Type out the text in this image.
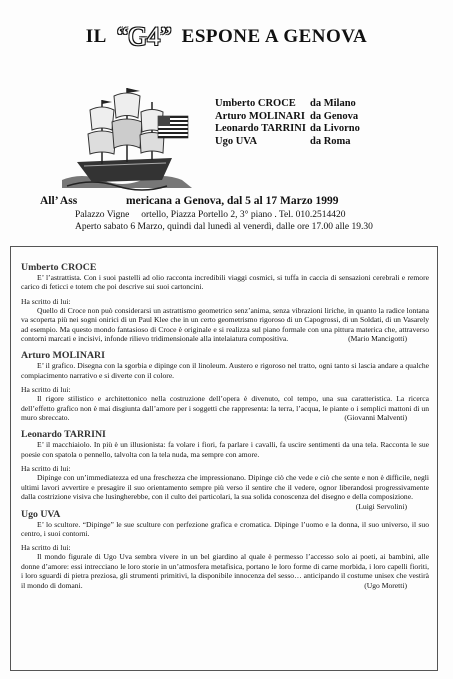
IL “G4” ESPONE A GENOVA
Umberto CROCE	da Milano
Arturo MOLINARI da Genova
Leonardo TARRINI da Livorno
Ugo UVA	da Roma
All’ Ass                 mericana a Genova, dal 5 al 17 Marzo 1999
Palazzo Vigne     ortello, Piazza Portello 2, 3° piano . Tel. 010.2514420
Aperto sabato 6 Marzo, quindi dal lunedì al venerdì, dalle ore 17.00 alle 19.30
Umberto CROCE
E’ l’astrattista. Con i suoi pastelli ad olio racconta incredibili viaggi cosmici, si tuffa in caccia di sensazioni cerebrali e remore carico di feticci e totem che poi descrive sui suoi cartoncini.
Ha scritto di lui:
Quello di Croce non può considerarsi un astrattismo geometrico senz’anima, senza vibrazioni liriche, in quanto la radice lontana va scoperta più nei sogni onirici di un Paul Klee che in un certo geometrismo rigoroso di un Capogrossi, di un Soldati, di un Vasarely ad esempio. Ma questo mondo fantasioso di Croce è originale e si realizza sul piano formale con una pittura materica che, attraverso contorni marcati e incisivi, infonde rilievo tridimensionale alla intelaiatura compositiva.	(Mario Mancigotti)
Arturo MOLINARI
E’ il grafico. Disegna con la sgorbia e dipinge con il linoleum. Austero e rigoroso nel tratto, ogni tanto si lascia andare a qualche compiacimento narrativo e si diverte con il colore.
Ha scritto di lui:
Il rigore stilistico e architettonico nella costruzione dell’opera è divenuto, col tempo, una sua caratteristica. La ricerca dell’effetto grafico non è mai disgiunta dall’amore per i soggetti che rappresenta: la terra, l’acqua, le piante o i semplici mattoni di un muro sbreccato.	(Giovanni Malventi)
Leonardo TARRINI
E’ il macchiaiolo. In più è un illusionista: fa volare i fiori, fa parlare i cavalli, fa uscire sentimenti da una tela. Racconta le sue poesie con spatola o pennello, talvolta con la tela nuda, ma sempre con amore.
Ha scritto di lui:
Dipinge con un’immediatezza ed una freschezza che impressionano. Dipinge ciò che vede e ciò che sente e non è difficile, negli ultimi lavori avvertire e presagire il suo orientamento sempre più verso il sentire che il vedere, ognor liberandosi progressivamente dalla costrizione visiva che lusingherebbe, con il culto dei particolari, la sua solida conoscenza del disegno e della composizione.
(Luigi Servolini)
Ugo UVA
E’ lo scultore. “Dipinge” le sue sculture con perfezione grafica e cromatica. Dipinge l’uomo e la donna, il suo universo, il suo centro, i suoi contorni.
Ha scritto di lui:
Il mondo figurale di Ugo Uva sembra vivere in un bel giardino al quale è permesso l’accesso solo ai poeti, ai bambini, alle donne d’amore: essi intrecciano le loro storie in un’atmosfera metafisica, portano le loro forme di carne morbida, i loro capelli fioriti, i loro sguardi di pietra preziosa, gli strumenti primitivi, la disponibile innocenza del sesso… anticipando il costume unisex che vestirà il mondo di domani.	(Ugo Moretti)
